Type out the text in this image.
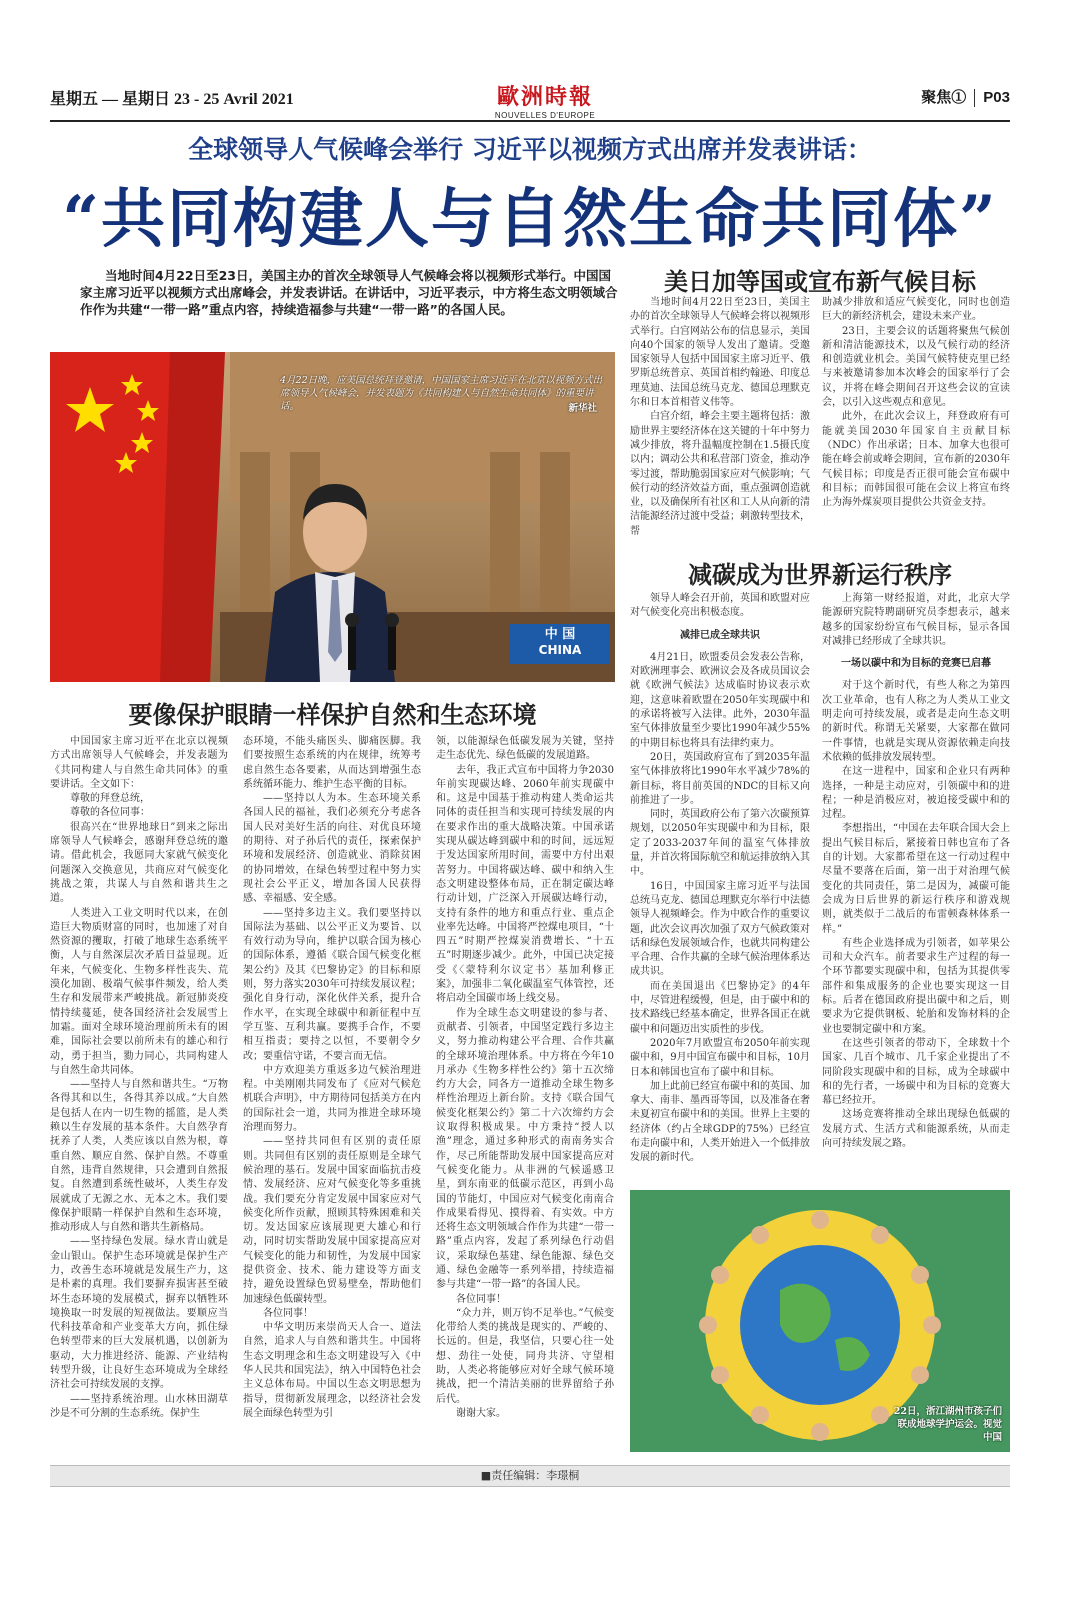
星期五 — 星期日 23 - 25 Avril 2021	歐洲時報
NOUVELLES D'EUROPE
聚焦① P03
全球领导人气候峰会举行 习近平以视频方式出席并发表讲话：
“共同构建人与自然生命共同体”
当地时间4月22日至23日，美国主办的首次全球领导人气候峰会将以视频形式举行。中国国家主席习近平以视频方式出席峰会，并发表讲话。在讲话中，习近平表示，中方将生态文明领域合作作为共建“一带一路”重点内容，持续造福参与共建“一带一路”的各国人民。
中 国
CHINA
4月22日晚，应美国总统拜登邀请，中国国家主席习近平在北京以视频方式出席领导人气候峰会，并发表题为《共同构建人与自然生命共同体》的重要讲话。	新华社
要像保护眼睛一样保护自然和生态环境
美日加等国或宣布新气候目标
减碳成为世界新运行秩序

中国国家主席习近平在北京以视频方式出席领导人气候峰会，并发表题为《共同构建人与自然生命共同体》的重要讲话。全文如下：

尊敬的拜登总统，

尊敬的各位同事：

很高兴在“世界地球日”到来之际出席领导人气候峰会，感谢拜登总统的邀请。借此机会，我愿同大家就气候变化问题深入交换意见，共商应对气候变化挑战之策，共谋人与自然和谐共生之道。

人类进入工业文明时代以来，在创造巨大物质财富的同时，也加速了对自然资源的攫取，打破了地球生态系统平衡，人与自然深层次矛盾日益显现。近年来，气候变化、生物多样性丧失、荒漠化加剧、极端气候事件频发，给人类生存和发展带来严峻挑战。新冠肺炎疫情持续蔓延，使各国经济社会发展雪上加霜。面对全球环境治理前所未有的困难，国际社会要以前所未有的雄心和行动，勇于担当，勠力同心，共同构建人与自然生命共同体。

——坚持人与自然和谐共生。“万物各得其和以生，各得其养以成。”大自然是包括人在内一切生物的摇篮，是人类赖以生存发展的基本条件。大自然孕育抚养了人类，人类应该以自然为根，尊重自然、顺应自然、保护自然。不尊重自然，违背自然规律，只会遭到自然报复。自然遭到系统性破坏，人类生存发展就成了无源之水、无本之木。我们要像保护眼睛一样保护自然和生态环境，推动形成人与自然和谐共生新格局。

——坚持绿色发展。绿水青山就是金山银山。保护生态环境就是保护生产力，改善生态环境就是发展生产力，这是朴素的真理。我们要摒弃损害甚至破坏生态环境的发展模式，摒弃以牺牲环境换取一时发展的短视做法。要顺应当代科技革命和产业变革大方向，抓住绿色转型带来的巨大发展机遇，以创新为驱动，大力推进经济、能源、产业结构转型升级，让良好生态环境成为全球经济社会可持续发展的支撑。

——坚持系统治理。山水林田湖草沙是不可分割的生态系统。保护生

态环境，不能头痛医头、脚痛医脚。我们要按照生态系统的内在规律，统筹考虑自然生态各要素，从而达到增强生态系统循环能力、维护生态平衡的目标。

——坚持以人为本。生态环境关系各国人民的福祉，我们必须充分考虑各国人民对美好生活的向往、对优良环境的期待、对子孙后代的责任，探索保护环境和发展经济、创造就业、消除贫困的协同增效，在绿色转型过程中努力实现社会公平正义，增加各国人民获得感、幸福感、安全感。

——坚持多边主义。我们要坚持以国际法为基础、以公平正义为要旨、以有效行动为导向，维护以联合国为核心的国际体系，遵循《联合国气候变化框架公约》及其《巴黎协定》的目标和原则，努力落实2030年可持续发展议程；强化自身行动，深化伙伴关系，提升合作水平，在实现全球碳中和新征程中互学互鉴、互利共赢。要携手合作，不要相互指责；要持之以恒，不要朝令夕改；要重信守诺，不要言而无信。

中方欢迎美方重返多边气候治理进程。中美刚刚共同发布了《应对气候危机联合声明》，中方期待同包括美方在内的国际社会一道，共同为推进全球环境治理而努力。

——坚持共同但有区别的责任原则。共同但有区别的责任原则是全球气候治理的基石。发展中国家面临抗击疫情、发展经济、应对气候变化等多重挑战。我们要充分肯定发展中国家应对气候变化所作贡献，照顾其特殊困难和关切。发达国家应该展现更大雄心和行动，同时切实帮助发展中国家提高应对气候变化的能力和韧性，为发展中国家提供资金、技术、能力建设等方面支持，避免设置绿色贸易壁垒，帮助他们加速绿色低碳转型。

各位同事！

中华文明历来崇尚天人合一、道法自然，追求人与自然和谐共生。中国将生态文明理念和生态文明建设写入《中华人民共和国宪法》，纳入中国特色社会主义总体布局。中国以生态文明思想为指导，贯彻新发展理念，以经济社会发展全面绿色转型为引

领，以能源绿色低碳发展为关键，坚持走生态优先、绿色低碳的发展道路。

去年，我正式宣布中国将力争2030年前实现碳达峰、2060年前实现碳中和。这是中国基于推动构建人类命运共同体的责任担当和实现可持续发展的内在要求作出的重大战略决策。中国承诺实现从碳达峰到碳中和的时间，远远短于发达国家所用时间，需要中方付出艰苦努力。中国将碳达峰、碳中和纳入生态文明建设整体布局，正在制定碳达峰行动计划，广泛深入开展碳达峰行动，支持有条件的地方和重点行业、重点企业率先达峰。中国将严控煤电项目，“十四五”时期严控煤炭消费增长、“十五五”时期逐步减少。此外，中国已决定接受《〈蒙特利尔议定书〉基加利修正案》，加强非二氧化碳温室气体管控，还将启动全国碳市场上线交易。

作为全球生态文明建设的参与者、贡献者、引领者，中国坚定践行多边主义，努力推动构建公平合理、合作共赢的全球环境治理体系。中方将在今年10月承办《生物多样性公约》第十五次缔约方大会，同各方一道推动全球生物多样性治理迈上新台阶。支持《联合国气候变化框架公约》第二十六次缔约方会议取得积极成果。中方秉持“授人以渔”理念，通过多种形式的南南务实合作，尽己所能帮助发展中国家提高应对气候变化能力。从非洲的气候遥感卫星，到东南亚的低碳示范区，再到小岛国的节能灯，中国应对气候变化南南合作成果看得见、摸得着、有实效。中方还将生态文明领域合作作为共建“一带一路”重点内容，发起了系列绿色行动倡议，采取绿色基建、绿色能源、绿色交通、绿色金融等一系列举措，持续造福参与共建“一带一路”的各国人民。

各位同事！

“众力并，则万钧不足举也。”气候变化带给人类的挑战是现实的、严峻的、长远的。但是，我坚信，只要心往一处想、劲往一处使，同舟共济、守望相助，人类必将能够应对好全球气候环境挑战，把一个清洁美丽的世界留给子孙后代。

谢谢大家。

当地时间4月22日至23日，美国主办的首次全球领导人气候峰会将以视频形式举行。白宫网站公布的信息显示，美国向40个国家的领导人发出了邀请。受邀国家领导人包括中国国家主席习近平、俄罗斯总统普京、英国首相约翰逊、印度总理莫迪、法国总统马克龙、德国总理默克尔和日本首相菅义伟等。

白宫介绍，峰会主要主题将包括：激励世界主要经济体在这关键的十年中努力减少排放，将升温幅度控制在1.5摄氏度以内；调动公共和私营部门资金，推动净零过渡，帮助脆弱国家应对气候影响；气候行动的经济效益方面，重点强调创造就业，以及确保所有社区和工人从向新的清洁能源经济过渡中受益；刺激转型技术，帮

助减少排放和适应气候变化，同时也创造巨大的新经济机会，建设未来产业。

23日，主要会议的话题将聚焦气候创新和清洁能源技术，以及气候行动的经济和创造就业机会。美国气候特使克里已经与来被邀请参加本次峰会的国家举行了会议，并将在峰会期间召开这些会议的宣读会，以引入这些观点和意见。

此外，在此次会议上，拜登政府有可能就美国2030年国家自主贡献目标（NDC）作出承诺；日本、加拿大也很可能在峰会前或峰会期间，宣布新的2030年气候目标；印度是否正很可能会宣布碳中和目标；而韩国很可能在会议上将宣布终止为海外煤炭项目提供公共资金支持。

领导人峰会召开前，英国和欧盟对应对气候变化亮出积极态度。

减排已成全球共识

4月21日，欧盟委员会发表公告称，对欧洲理事会、欧洲议会及各成员国议会就《欧洲气候法》达成临时协议表示欢迎，这意味着欧盟在2050年实现碳中和的承诺将被写入法律。此外，2030年温室气体排放量至少要比1990年减少55%的中期目标也将具有法律约束力。

20日，英国政府宣布了到2035年温室气体排放将比1990年水平减少78%的新目标，将目前英国的NDC的目标又向前推进了一步。

同时，英国政府公布了第六次碳预算规划，以2050年实现碳中和为目标，限定了2033-2037年间的温室气体排放量，并首次将国际航空和航运排放纳入其中。

16日，中国国家主席习近平与法国总统马克龙、德国总理默克尔举行中法德领导人视频峰会。作为中欧合作的重要议题，此次会议再次加强了双方气候政策对话和绿色发展领域合作，也就共同构建公平合理、合作共赢的全球气候治理体系达成共识。

而在美国退出《巴黎协定》的4年中，尽管进程缓慢，但是，由于碳中和的技术路线已经基本确定，世界各国正在就碳中和问题迈出实质性的步伐。

2020年7月欧盟宣布2050年前实现碳中和，9月中国宣布碳中和目标，10月日本和韩国也宣布了碳中和目标。

加上此前已经宣布碳中和的英国、加拿大、南非、墨西哥等国，以及准备在奢未夏初宣布碳中和的美国。世界上主要的经济体（约占全球GDP的75%）已经宣布走向碳中和，人类开始进入一个低排放发展的新时代。

上海第一财经报道，对此，北京大学能源研究院特聘副研究员李想表示，越来越多的国家纷纷宣布气候目标，显示各国对减排已经形成了全球共识。

一场以碳中和为目标的竞赛已启幕

对于这个新时代，有些人称之为第四次工业革命，也有人称之为人类从工业文明走向可持续发展，或者是走向生态文明的新时代。称谓无关紧要，大家都在做同一件事情，也就是实现从资源依赖走向技术依赖的低排放发展转型。

在这一进程中，国家和企业只有两种选择，一种是主动应对，引领碳中和的进程；一种是消极应对，被迫接受碳中和的过程。

李想指出，“中国在去年联合国大会上提出气候目标后，紧接着日韩也宣布了各自的计划。大家都希望在这一行动过程中尽量不要落在后面，第一出于对治理气候变化的共同责任，第二是因为，减碳可能会成为日后世界的新运行秩序和游戏规则，就类似于二战后的布雷顿森林体系一样。”

有些企业选择成为引领者，如苹果公司和大众汽车。前者要求生产过程的每一个环节都要实现碳中和，包括为其提供零部件和集成服务的企业也要实现这一目标。后者在德国政府提出碳中和之后，则要求为它提供钢板、轮胎和发饰材料的企业也要制定碳中和方案。

在这些引领者的带动下，全球数十个国家、几百个城市、几千家企业提出了不同阶段实现碳中和的目标，成为全球碳中和的先行者，一场碳中和为目标的竞赛大幕已经拉开。

这场竞赛将推动全球出现绿色低碳的发展方式、生活方式和能源系统，从而走向可持续发展之路。

22日，浙江湖州市孩子们联成地球学护运会。视觉中国
■责任编辑：李璟桐
